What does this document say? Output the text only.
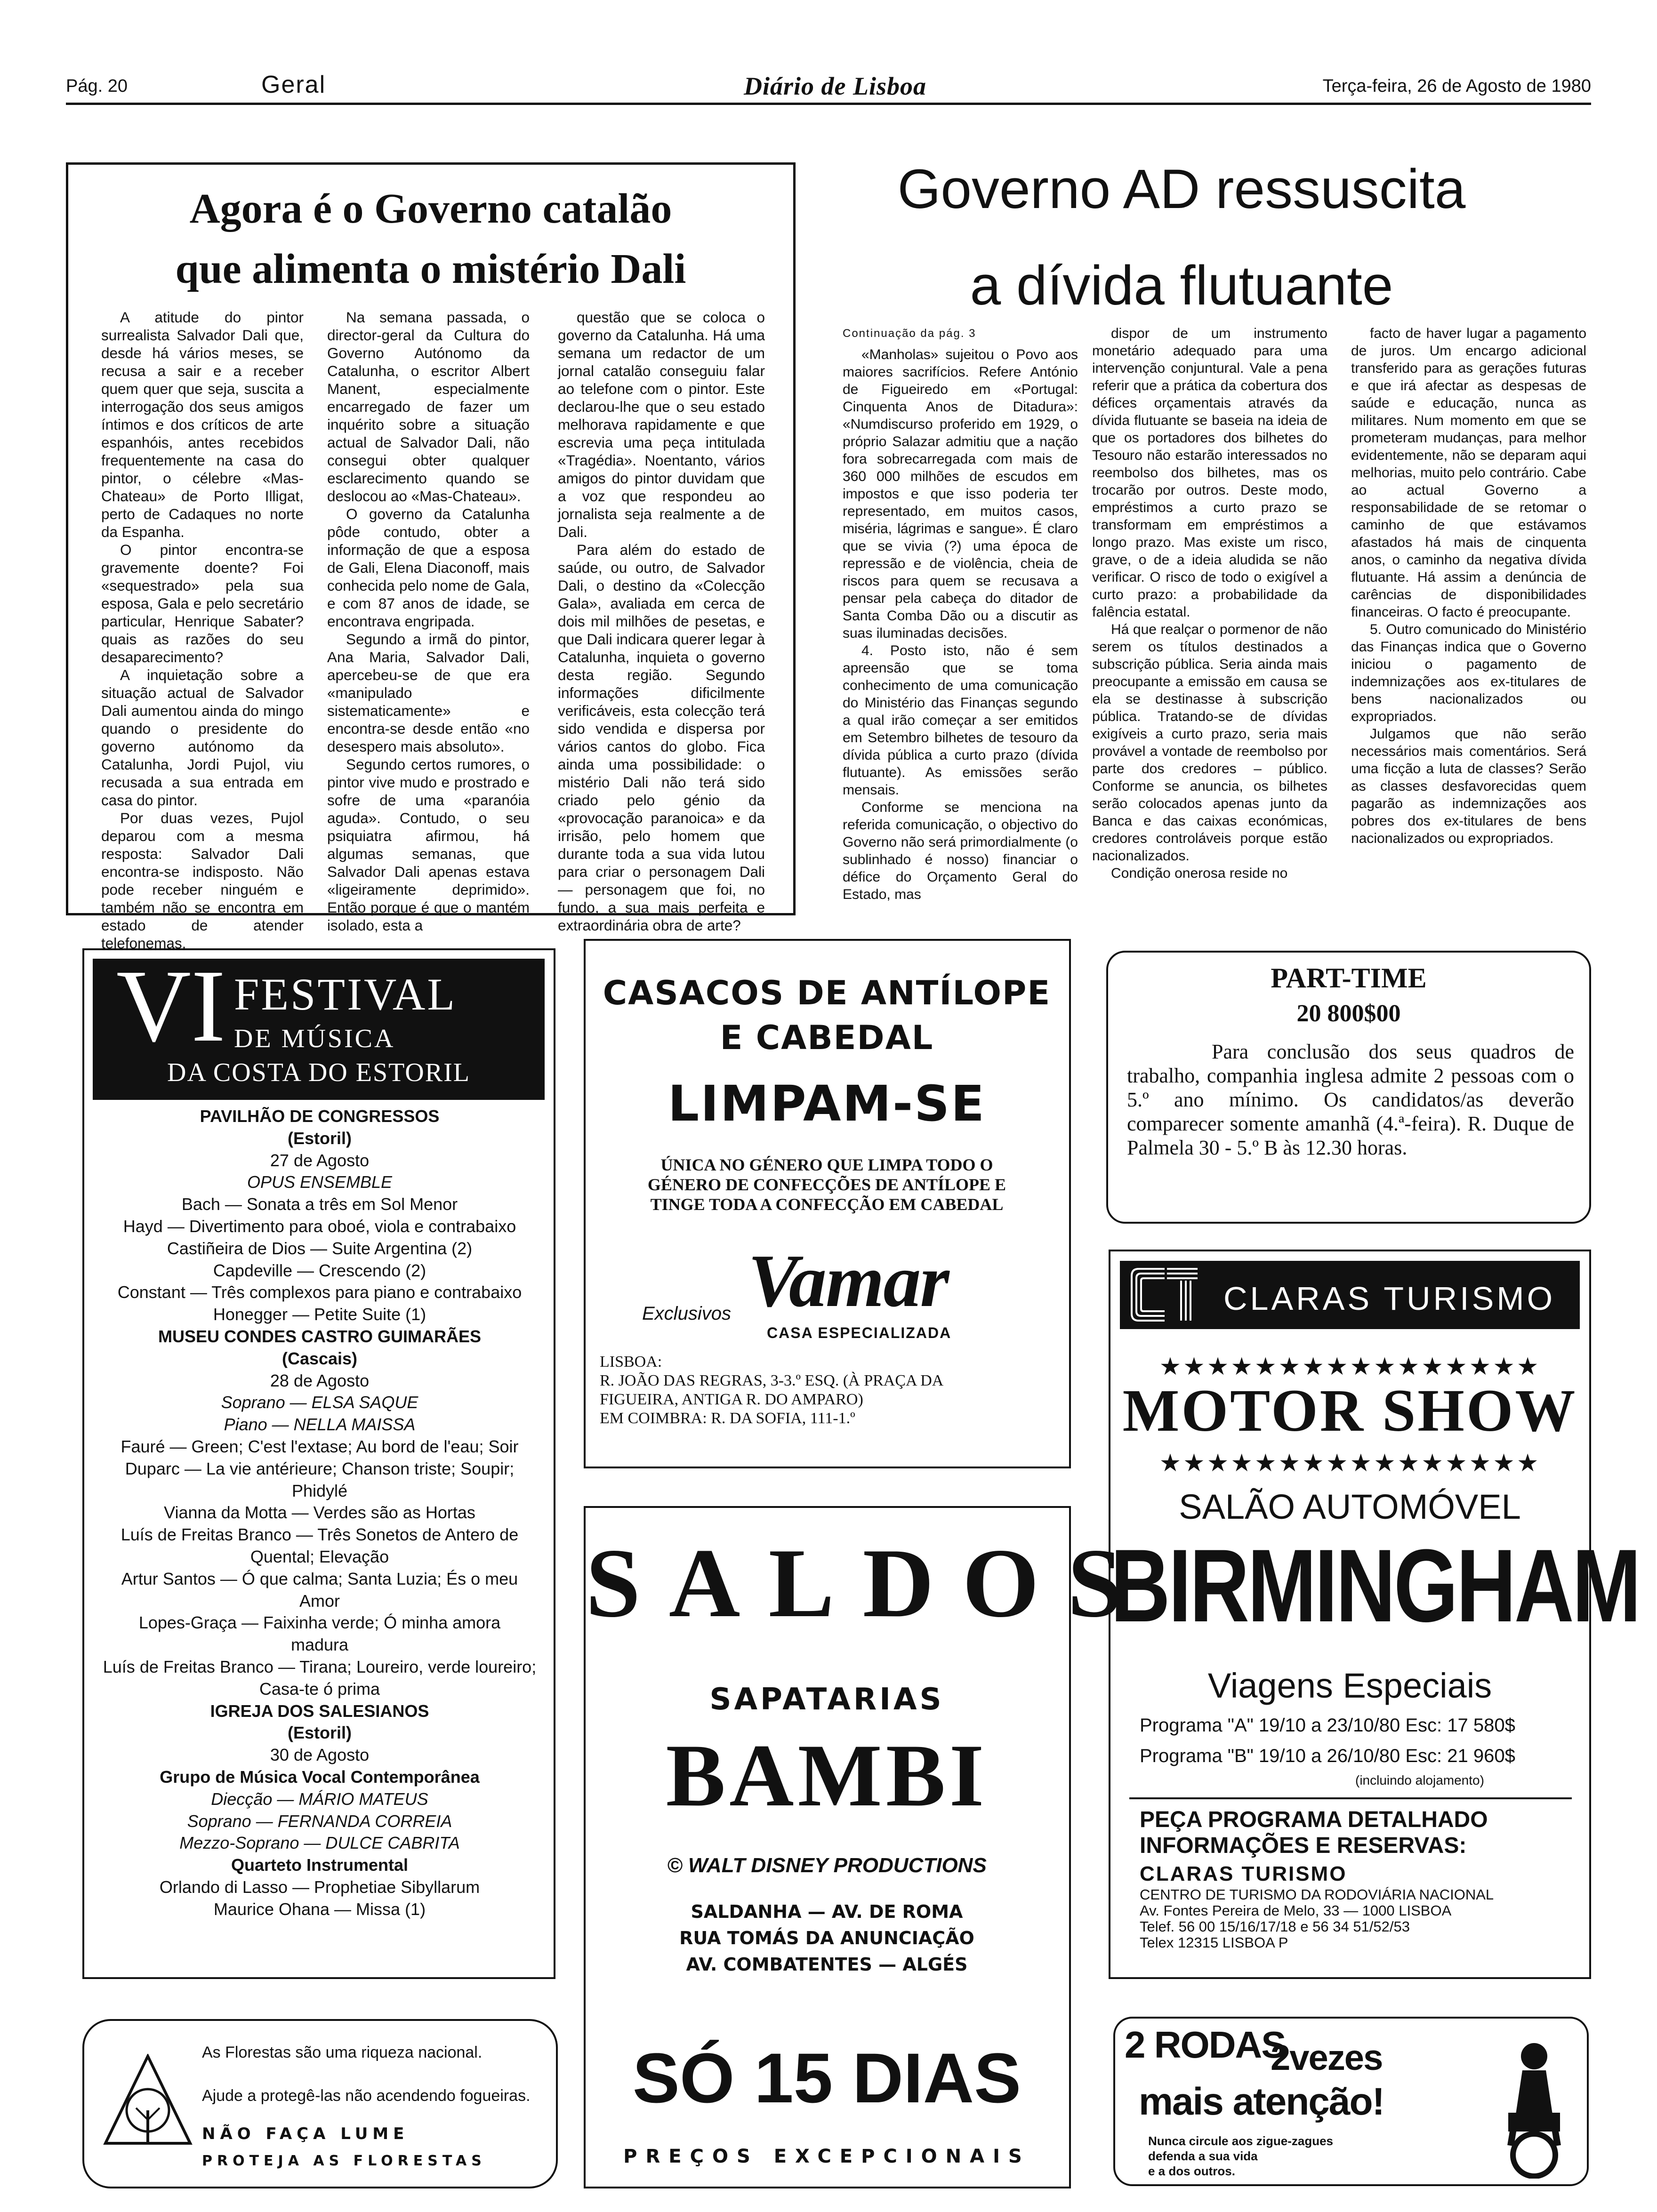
Pág. 20	Geral	Diário de Lisboa	Terça-feira, 26 de Agosto de 1980
Agora é o Governo catalão
que alimenta o mistério Dali

A atitude do pintor surrealista Salvador Dali que, desde há vários meses, se recusa a sair e a receber quem quer que seja, suscita a interrogação dos seus amigos íntimos e dos críticos de arte espanhóis, antes recebidos frequentemente na casa do pintor, o célebre «Mas-Chateau» de Porto Illigat, perto de Cadaques no norte da Espanha.

O pintor encontra-se gravemente doente? Foi «sequestrado» pela sua esposa, Gala e pelo secretário particular, Henrique Sabater? quais as razões do seu desaparecimento?

A inquietação sobre a situação actual de Salvador Dali aumentou ainda do mingo quando o presidente do governo autónomo da Catalunha, Jordi Pujol, viu recusada a sua entrada em casa do pintor.

Por duas vezes, Pujol deparou com a mesma resposta: Salvador Dali encontra-se indisposto. Não pode receber ninguém e também não se encontra em estado de atender telefonemas.

Na semana passada, o director-geral da Cultura do Governo Autónomo da Catalunha, o escritor Albert Manent, especialmente encarregado de fazer um inquérito sobre a situação actual de Salvador Dali, não consegui obter qualquer esclarecimento quando se deslocou ao «Mas-Chateau».

O governo da Catalunha pôde contudo, obter a informação de que a esposa de Gali, Elena Diaconoff, mais conhecida pelo nome de Gala, e com 87 anos de idade, se encontrava engripada.

Segundo a irmã do pintor, Ana Maria, Salvador Dali, apercebeu-se de que era «manipulado sistematicamente» e encontra-se desde então «no desespero mais absoluto».

Segundo certos rumores, o pintor vive mudo e prostrado e sofre de uma «paranóia aguda». Contudo, o seu psiquiatra afirmou, há algumas semanas, que Salvador Dali apenas estava «ligeiramente deprimido». Então porque é que o mantém isolado, esta a

questão que se coloca o governo da Catalunha. Há uma semana um redactor de um jornal catalão conseguiu falar ao telefone com o pintor. Este declarou-lhe que o seu estado melhorava rapidamente e que escrevia uma peça intitulada «Tragédia». Noentanto, vários amigos do pintor duvidam que a voz que respondeu ao jornalista seja realmente a de Dali.

Para além do estado de saúde, ou outro, de Salvador Dali, o destino da «Colecção Gala», avaliada em cerca de dois mil milhões de pesetas, e que Dali indicara querer legar à Catalunha, inquieta o governo desta região. Segundo informações dificilmente verificáveis, esta colecção terá sido vendida e dispersa por vários cantos do globo. Fica ainda uma possibilidade: o mistério Dali não terá sido criado pelo génio da «provocação paranoica» e da irrisão, pelo homem que durante toda a sua vida lutou para criar o personagem Dali — personagem que foi, no fundo, a sua mais perfeita e extraordinária obra de arte?

Governo AD ressuscita
a dívida flutuante
Continuação da pág. 3

«Manholas» sujeitou o Povo aos maiores sacrifícios. Refere António de Figueiredo em «Portugal: Cinquenta Anos de Ditadura»: «Numdiscurso proferido em 1929, o próprio Salazar admitiu que a nação fora sobrecarregada com mais de 360 000 milhões de escudos em impostos e que isso poderia ter representado, em muitos casos, miséria, lágrimas e sangue». É claro que se vivia (?) uma época de repressão e de violência, cheia de riscos para quem se recusava a pensar pela cabeça do ditador de Santa Comba Dão ou a discutir as suas iluminadas decisões.

4. Posto isto, não é sem apreensão que se toma conhecimento de uma comunicação do Ministério das Finanças segundo a qual irão começar a ser emitidos em Setembro bilhetes de tesouro da dívida pública a curto prazo (dívida flutuante). As emissões serão mensais.

Conforme se menciona na referida comunicação, o objectivo do Governo não será primordialmente (o sublinhado é nosso) financiar o défice do Orçamento Geral do Estado, mas

dispor de um instrumento monetário adequado para uma intervenção conjuntural. Vale a pena referir que a prática da cobertura dos défices orçamentais através da dívida flutuante se baseia na ideia de que os portadores dos bilhetes do Tesouro não estarão interessados no reembolso dos bilhetes, mas os trocarão por outros. Deste modo, empréstimos a curto prazo se transformam em empréstimos a longo prazo. Mas existe um risco, grave, o de a ideia aludida se não verificar. O risco de todo o exigível a curto prazo: a probabilidade da falência estatal.

Há que realçar o pormenor de não serem os títulos destinados a subscrição pública. Seria ainda mais preocupante a emissão em causa se ela se destinasse à subscrição pública. Tratando-se de dívidas exigíveis a curto prazo, seria mais provável a vontade de reembolso por parte dos credores – público. Conforme se anuncia, os bilhetes serão colocados apenas junto da Banca e das caixas económicas, credores controláveis porque estão nacionalizados.

Condição onerosa reside no

facto de haver lugar a pagamento de juros. Um encargo adicional transferido para as gerações futuras e que irá afectar as despesas de saúde e educação, nunca as militares. Num momento em que se prometeram mudanças, para melhor evidentemente, não se deparam aqui melhorias, muito pelo contrário. Cabe ao actual Governo a responsabilidade de se retomar o caminho de que estávamos afastados há mais de cinquenta anos, o caminho da negativa dívida flutuante. Há assim a denúncia de carências de disponibilidades financeiras. O facto é preocupante.

5. Outro comunicado do Ministério das Finanças indica que o Governo iniciou o pagamento de indemnizações aos ex-titulares de bens nacionalizados ou expropriados.

Julgamos que não serão necessários mais comentários. Será uma ficção a luta de classes? Serão as classes desfavorecidas quem pagarão as indemnizações aos pobres dos ex-titulares de bens nacionalizados ou expropriados.

VI FESTIVAL
DE MÚSICA
DA COSTA DO ESTORIL
PAVILHÃO DE CONGRESSOS
(Estoril)
27 de Agosto
OPUS ENSEMBLE
Bach — Sonata a três em Sol Menor
Hayd — Divertimento para oboé, viola e contrabaixo
Castiñeira de Dios — Suite Argentina (2)
Capdeville — Crescendo (2)
Constant — Três complexos para piano e contrabaixo
Honegger — Petite Suite (1)
MUSEU CONDES CASTRO GUIMARÃES
(Cascais)
28 de Agosto
Soprano — ELSA SAQUE
Piano — NELLA MAISSA
Fauré — Green; C'est l'extase; Au bord de l'eau; Soir
Duparc — La vie antérieure; Chanson triste; Soupir;
Phidylé
Vianna da Motta — Verdes são as Hortas
Luís de Freitas Branco — Três Sonetos de Antero de
Quental; Elevação
Artur Santos — Ó que calma; Santa Luzia; És o meu
Amor
Lopes-Graça — Faixinha verde; Ó minha amora
madura
Luís de Freitas Branco — Tirana; Loureiro, verde loureiro; Casa-te ó prima
IGREJA DOS SALESIANOS
(Estoril)
30 de Agosto
Grupo de Música Vocal Contemporânea
Diecção — MÁRIO MATEUS
Soprano — FERNANDA CORREIA
Mezzo-Soprano — DULCE CABRITA
Quarteto Instrumental
Orlando di Lasso — Prophetiae Sibyllarum
Maurice Ohana — Missa (1)
As Florestas são uma riqueza nacional.
Ajude a protegê-las não acendendo fogueiras.
NÃO FAÇA LUME
PROTEJA AS FLORESTAS
CASACOS DE ANTÍLOPE
E CABEDAL
LIMPAM-SE
ÚNICA NO GÉNERO QUE LIMPA TODO O
GÉNERO DE CONFECÇÕES DE ANTÍLOPE E
TINGE TODA A CONFECÇÃO EM CABEDAL
Exclusivos Vamar
CASA ESPECIALIZADA
LISBOA:
R. JOÃO DAS REGRAS, 3-3.º ESQ. (À PRAÇA DA
FIGUEIRA, ANTIGA R. DO AMPARO)
EM COIMBRA: R. DA SOFIA, 111-1.º
SALDOS
SAPATARIAS
BAMBI
© WALT DISNEY PRODUCTIONS
SALDANHA — AV. DE ROMA
RUA TOMÁS DA ANUNCIAÇÃO
AV. COMBATENTES — ALGÉS
SÓ 15 DIAS
PREÇOS EXCEPCIONAIS
PART-TIME
20 800$00
Para conclusão dos seus quadros de trabalho, companhia inglesa admite 2 pessoas com o 5.º ano mínimo. Os candidatos/as deverão comparecer somente amanhã (4.ª-feira). R. Duque de Palmela 30 - 5.º B às 12.30 horas.
CLARAS TURISMO
★★★★★★★★★★★★★★★★
MOTOR SHOW
★★★★★★★★★★★★★★★★
SALÃO AUTOMÓVEL
BIRMINGHAM
Viagens Especiais
Programa "A" 19/10 a 23/10/80 Esc: 17 580$
Programa "B" 19/10 a 26/10/80 Esc: 21 960$
(incluindo alojamento)
PEÇA PROGRAMA DETALHADO
INFORMAÇÕES E RESERVAS:
CLARAS TURISMO
CENTRO DE TURISMO DA RODOVIÁRIA NACIONAL
Av. Fontes Pereira de Melo, 33 — 1000 LISBOA
Telef. 56 00 15/16/17/18 e 56 34 51/52/53
Telex 12315 LISBOA P
2 RODAS
2vezes
mais atenção!
Nunca circule aos zigue-zagues
defenda a sua vida
e a dos outros.
